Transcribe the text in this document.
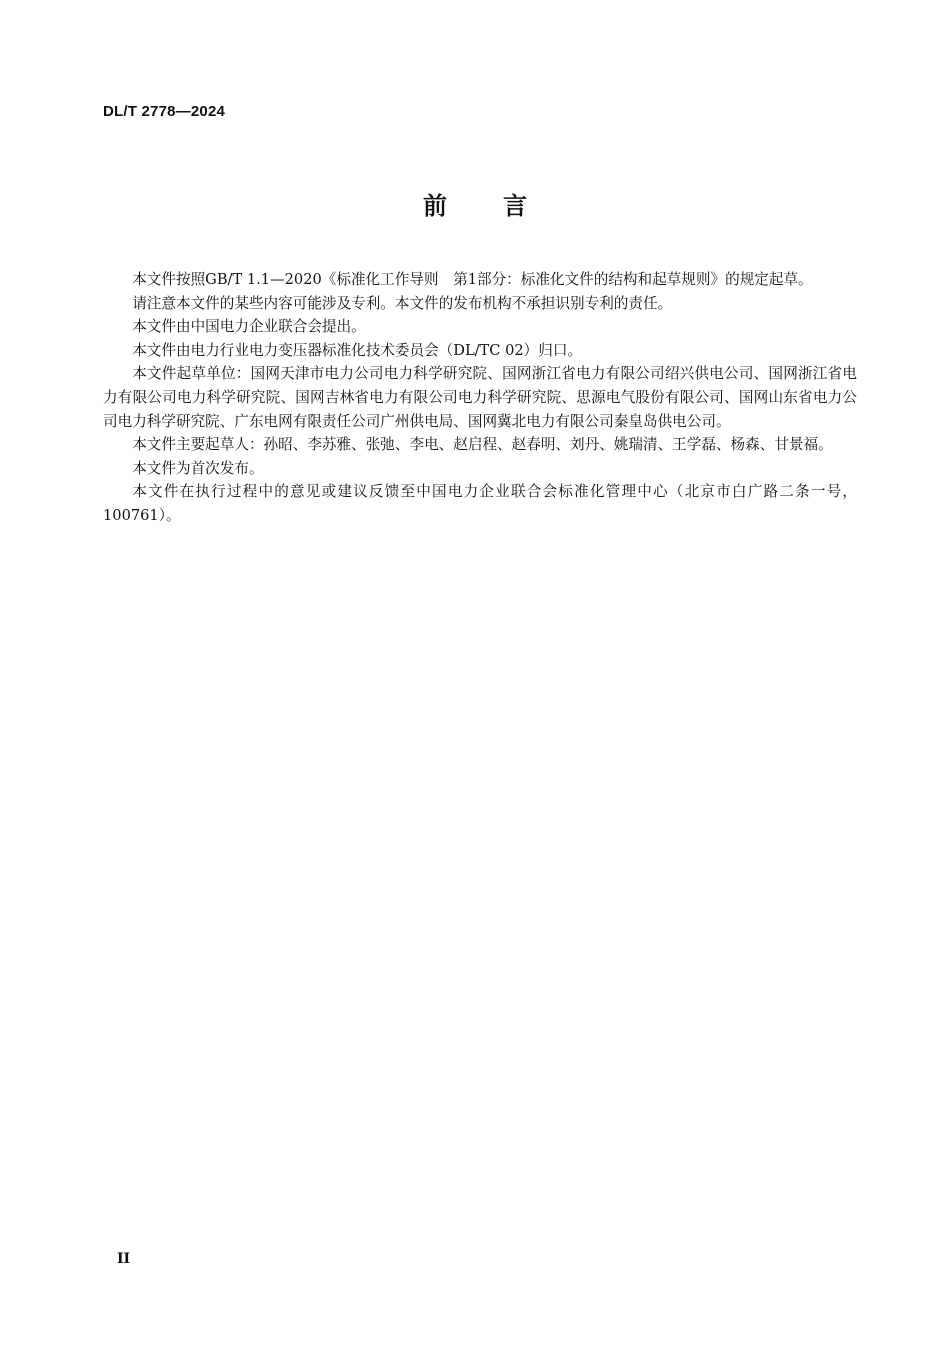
DL/T 2778—2024
前言

本文件按照GB/T 1.1—2020《标准化工作导则　第1部分：标准化文件的结构和起草规则》的规定起草。

请注意本文件的某些内容可能涉及专利。本文件的发布机构不承担识别专利的责任。

本文件由中国电力企业联合会提出。

本文件由电力行业电力变压器标准化技术委员会（DL/TC 02）归口。

本文件起草单位：国网天津市电力公司电力科学研究院、国网浙江省电力有限公司绍兴供电公司、国网浙江省电力有限公司电力科学研究院、国网吉林省电力有限公司电力科学研究院、思源电气股份有限公司、国网山东省电力公司电力科学研究院、广东电网有限责任公司广州供电局、国网冀北电力有限公司秦皇岛供电公司。

本文件主要起草人：孙昭、李苏雅、张弛、李电、赵启程、赵春明、刘丹、姚瑞清、王学磊、杨森、甘景福。

本文件为首次发布。

本文件在执行过程中的意见或建议反馈至中国电力企业联合会标准化管理中心（北京市白广路二条一号，100761）。

II
